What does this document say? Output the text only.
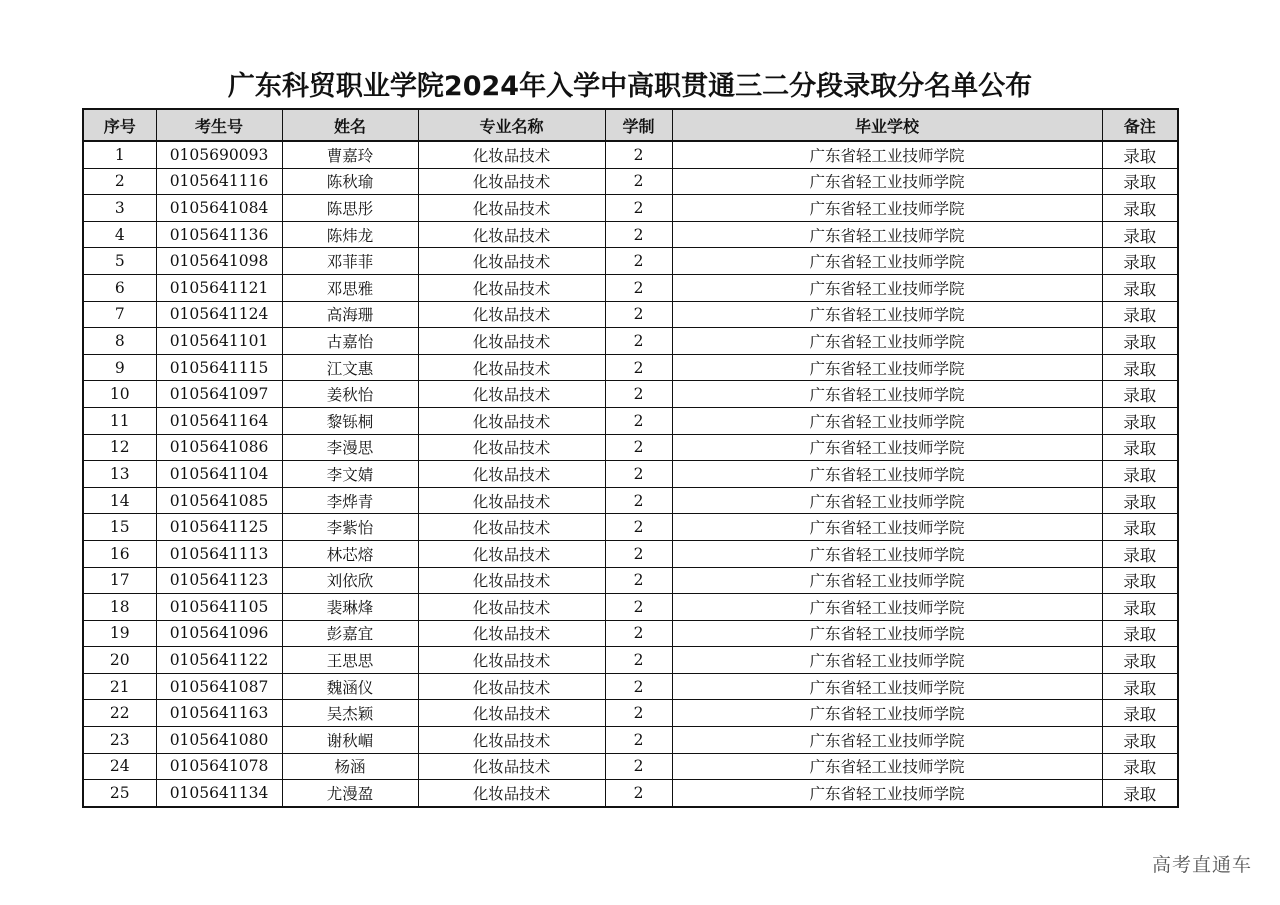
广东科贸职业学院2024年入学中高职贯通三二分段录取分名单公布
序号	考生号	姓名	专业名称	学制	毕业学校	备注
1	0105690093	曹嘉玲	化妆品技术	2	广东省轻工业技师学院	录取
2	0105641116	陈秋瑜	化妆品技术	2	广东省轻工业技师学院	录取
3	0105641084	陈思彤	化妆品技术	2	广东省轻工业技师学院	录取
4	0105641136	陈炜龙	化妆品技术	2	广东省轻工业技师学院	录取
5	0105641098	邓菲菲	化妆品技术	2	广东省轻工业技师学院	录取
6	0105641121	邓思雅	化妆品技术	2	广东省轻工业技师学院	录取
7	0105641124	高海珊	化妆品技术	2	广东省轻工业技师学院	录取
8	0105641101	古嘉怡	化妆品技术	2	广东省轻工业技师学院	录取
9	0105641115	江文惠	化妆品技术	2	广东省轻工业技师学院	录取
10	0105641097	姜秋怡	化妆品技术	2	广东省轻工业技师学院	录取
11	0105641164	黎铄桐	化妆品技术	2	广东省轻工业技师学院	录取
12	0105641086	李漫思	化妆品技术	2	广东省轻工业技师学院	录取
13	0105641104	李文婧	化妆品技术	2	广东省轻工业技师学院	录取
14	0105641085	李烨青	化妆品技术	2	广东省轻工业技师学院	录取
15	0105641125	李紫怡	化妆品技术	2	广东省轻工业技师学院	录取
16	0105641113	林芯熔	化妆品技术	2	广东省轻工业技师学院	录取
17	0105641123	刘依欣	化妆品技术	2	广东省轻工业技师学院	录取
18	0105641105	裴琳烽	化妆品技术	2	广东省轻工业技师学院	录取
19	0105641096	彭嘉宜	化妆品技术	2	广东省轻工业技师学院	录取
20	0105641122	王思思	化妆品技术	2	广东省轻工业技师学院	录取
21	0105641087	魏涵仪	化妆品技术	2	广东省轻工业技师学院	录取
22	0105641163	吴杰颖	化妆品技术	2	广东省轻工业技师学院	录取
23	0105641080	谢秋嵋	化妆品技术	2	广东省轻工业技师学院	录取
24	0105641078	杨涵	化妆品技术	2	广东省轻工业技师学院	录取
25	0105641134	尤漫盈	化妆品技术	2	广东省轻工业技师学院	录取
高考直通车
